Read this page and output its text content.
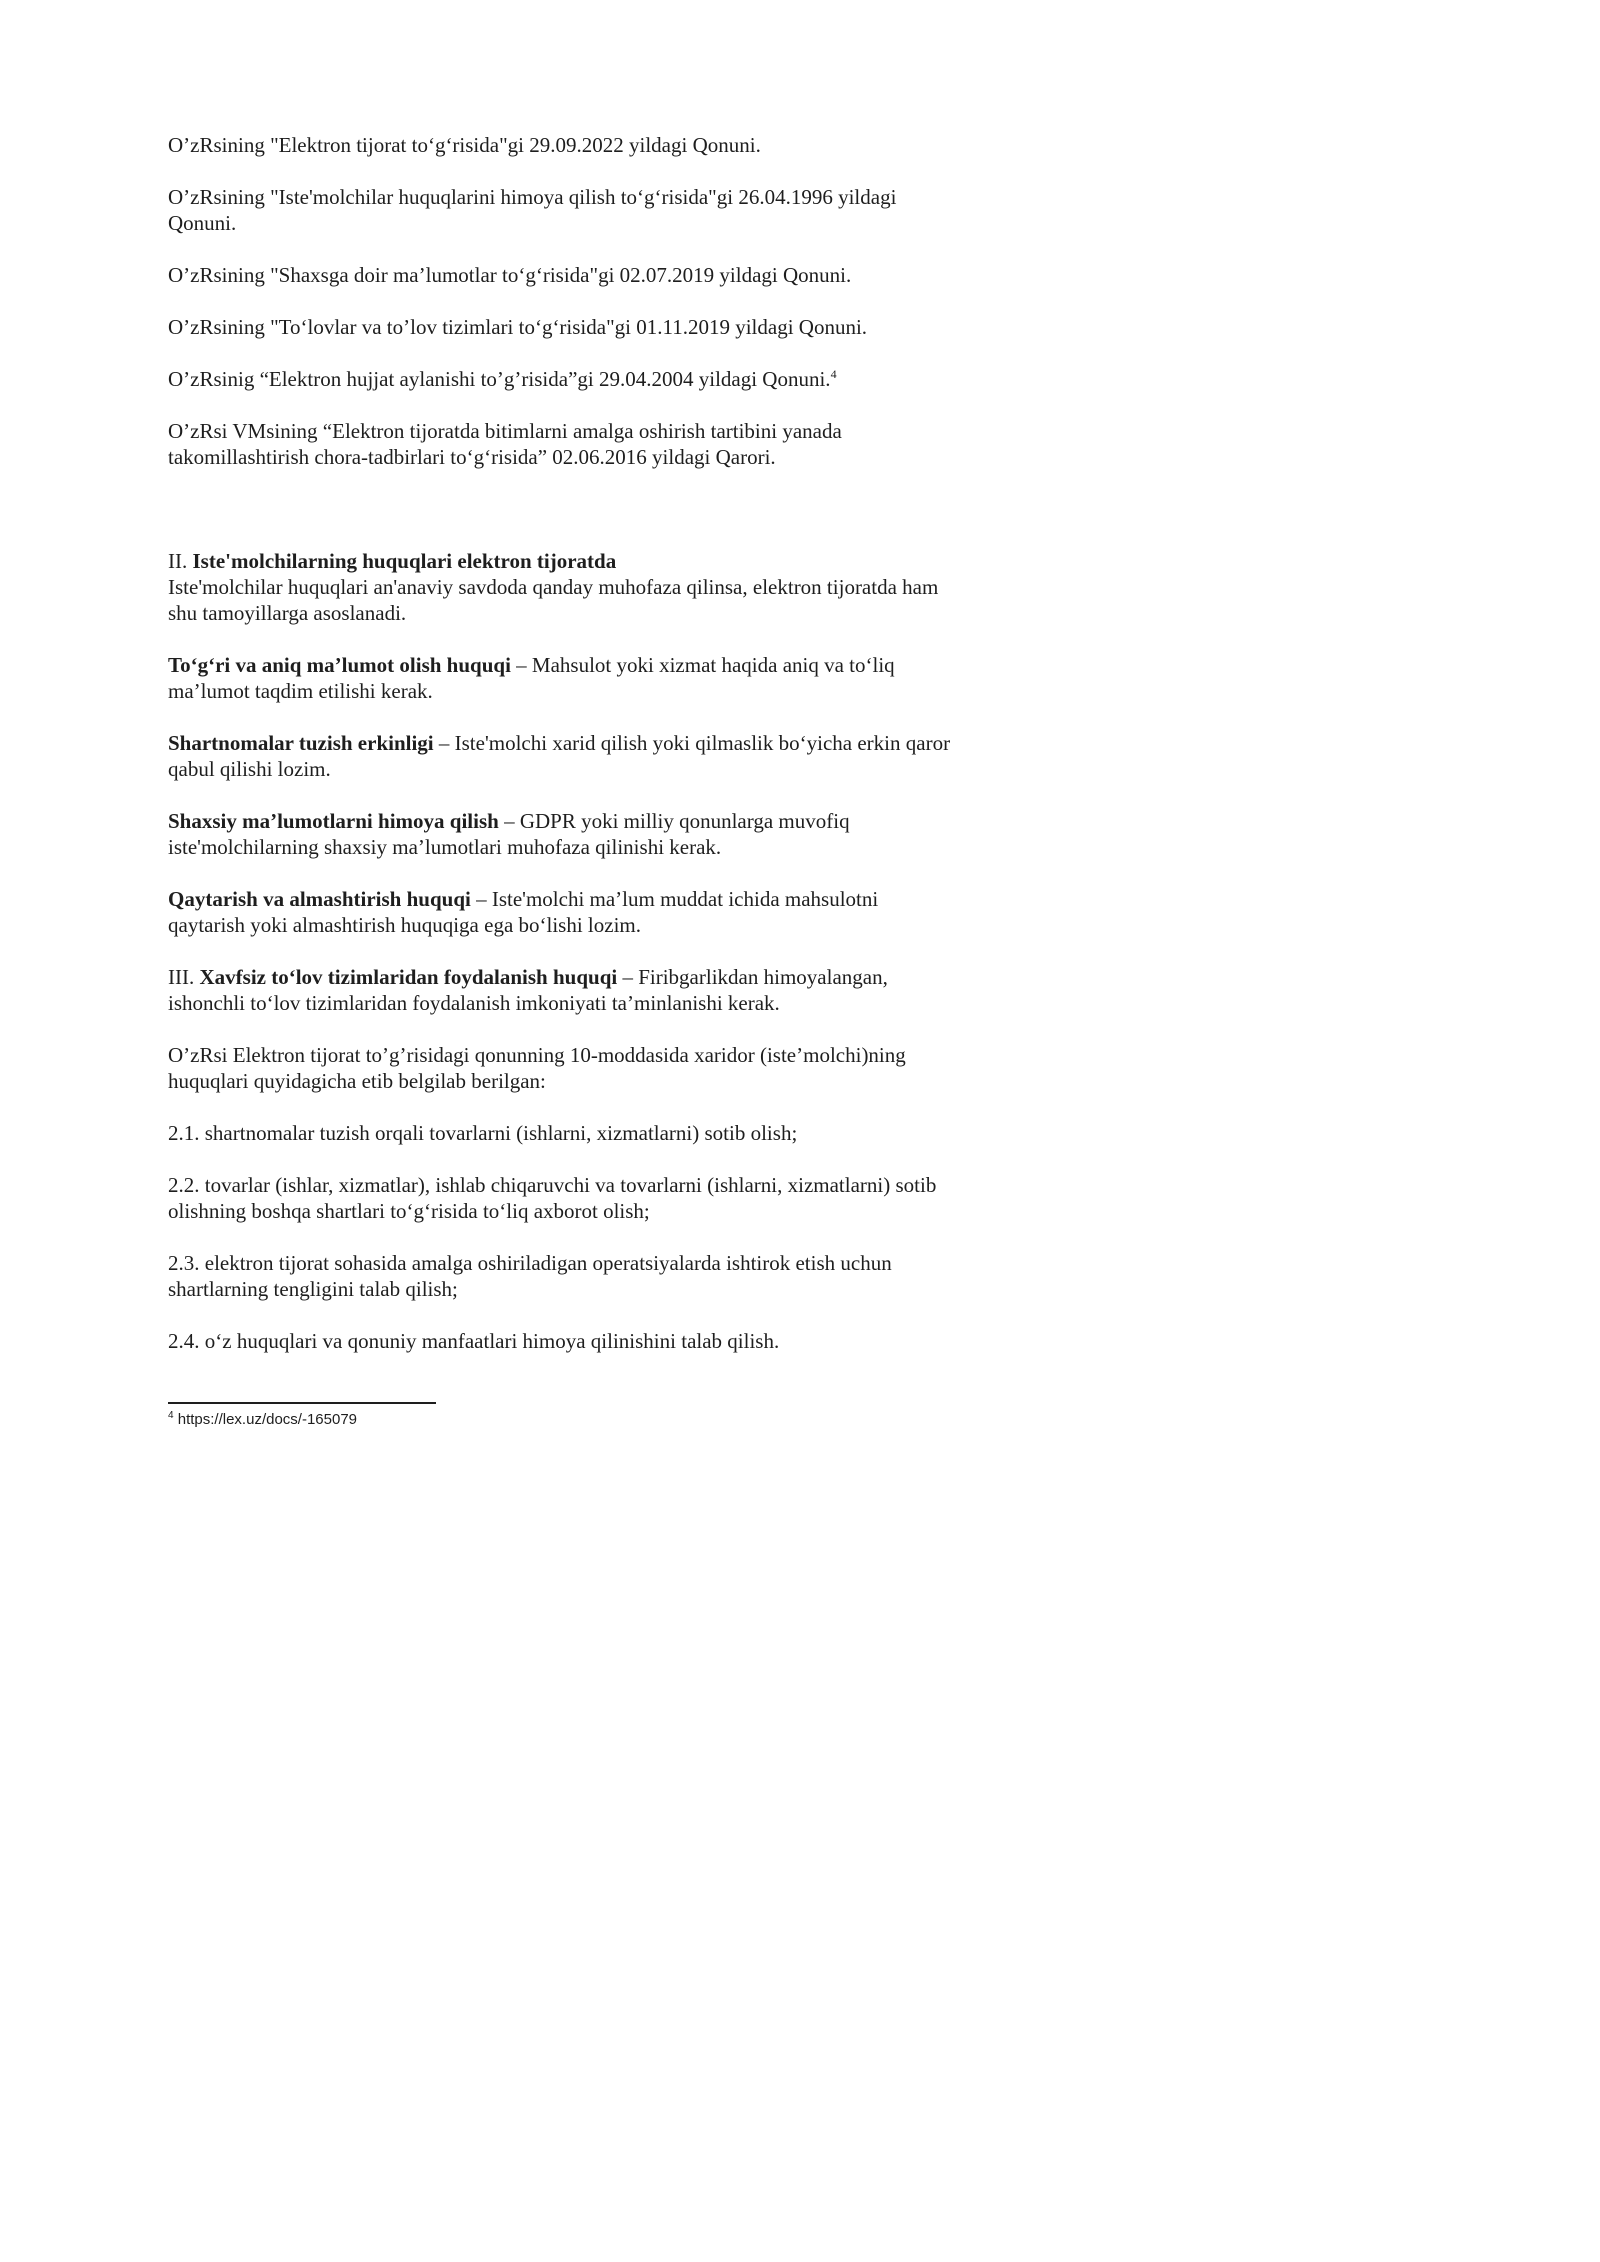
O’zRsining "Elektron tijorat to‘g‘risida"gi 29.09.2022 yildagi Qonuni.

O’zRsining "Iste'molchilar huquqlarini himoya qilish to‘g‘risida"gi 26.04.1996 yildagi Qonuni.

O’zRsining "Shaxsga doir ma’lumotlar to‘g‘risida"gi 02.07.2019 yildagi Qonuni.

O’zRsining "To‘lovlar va to’lov tizimlari to‘g‘risida"gi 01.11.2019 yildagi Qonuni.

O’zRsinig “Elektron hujjat aylanishi to’g’risida”gi 29.04.2004 yildagi Qonuni.$^4$

O’zRsi VMsining “Elektron tijoratda bitimlarni amalga oshirish tartibini yanada takomillashtirish chora-tadbirlari to‘g‘risida” 02.06.2016 yildagi Qarori.

II. Iste'molchilarning huquqlari elektron tijoratda

Iste'molchilar huquqlari an'anaviy savdoda qanday muhofaza qilinsa, elektron tijoratda ham shu tamoyillarga asoslanadi.

To‘g‘ri va aniq ma’lumot olish huquqi – Mahsulot yoki xizmat haqida aniq va to‘liq ma’lumot taqdim etilishi kerak.

Shartnomalar tuzish erkinligi – Iste'molchi xarid qilish yoki qilmaslik bo‘yicha erkin qaror qabul qilishi lozim.

Shaxsiy ma’lumotlarni himoya qilish – GDPR yoki milliy qonunlarga muvofiq iste'molchilarning shaxsiy ma’lumotlari muhofaza qilinishi kerak.

Qaytarish va almashtirish huquqi – Iste'molchi ma’lum muddat ichida mahsulotni qaytarish yoki almashtirish huquqiga ega bo‘lishi lozim.

III. Xavfsiz to‘lov tizimlaridan foydalanish huquqi – Firibgarlikdan himoyalangan, ishonchli to‘lov tizimlaridan foydalanish imkoniyati ta’minlanishi kerak.

O’zRsi Elektron tijorat to’g’risidagi qonunning 10-moddasida xaridor (iste’molchi)ning huquqlari quyidagicha etib belgilab berilgan:

2.1. shartnomalar tuzish orqali tovarlarni (ishlarni, xizmatlarni) sotib olish;

2.2. tovarlar (ishlar, xizmatlar), ishlab chiqaruvchi va tovarlarni (ishlarni, xizmatlarni) sotib olishning boshqa shartlari to‘g‘risida to‘liq axborot olish;

2.3. elektron tijorat sohasida amalga oshiriladigan operatsiyalarda ishtirok etish uchun shartlarning tengligini talab qilish;

2.4. o‘z huquqlari va qonuniy manfaatlari himoya qilinishini talab qilish.

$^4$ https://lex.uz/docs/-165079
